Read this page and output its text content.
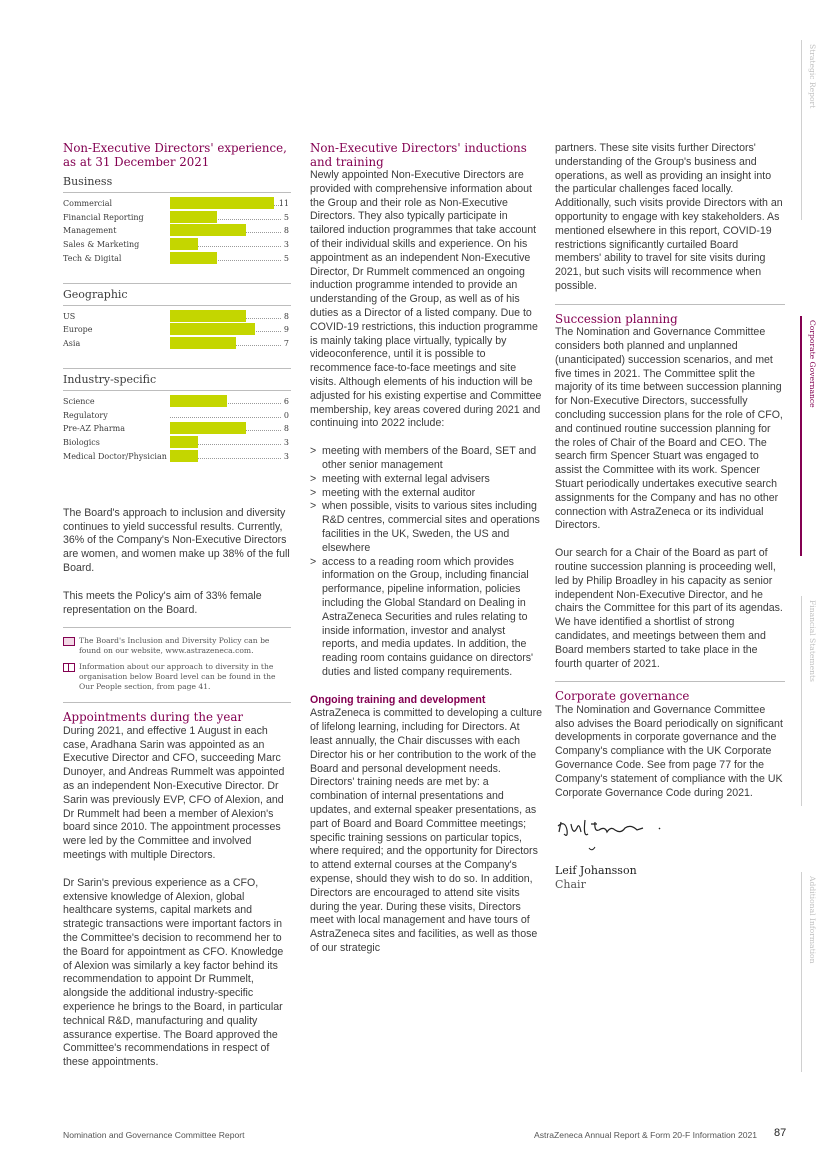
Non-Executive Directors' experience,
as at 31 December 2021
Business
Commercial	11
Financial Reporting	5
Management	8
Sales & Marketing	3
Tech & Digital	5
Geographic
US	8
Europe	9
Asia	7
Industry-specific
Science	6
Regulatory	0
Pre-AZ Pharma	8
Biologics	3
Medical Doctor/Physician	3

The Board's approach to inclusion and diversity continues to yield successful results. Currently, 36% of the Company's Non-Executive Directors are women, and women make up 38% of the full Board.

This meets the Policy's aim of 33% female representation on the Board.

The Board's Inclusion and Diversity Policy can be found on our website, www.astrazeneca.com.
Information about our approach to diversity in the organisation below Board level can be found in the Our People section, from page 41.
Appointments during the year

During 2021, and effective 1 August in each case, Aradhana Sarin was appointed as an Executive Director and CFO, succeeding Marc Dunoyer, and Andreas Rummelt was appointed as an independent Non-Executive Director. Dr Sarin was previously EVP, CFO of Alexion, and Dr Rummelt had been a member of Alexion's board since 2010. The appointment processes were led by the Committee and involved meetings with multiple Directors.

Dr Sarin's previous experience as a CFO, extensive knowledge of Alexion, global healthcare systems, capital markets and strategic transactions were important factors in the Committee's decision to recommend her to the Board for appointment as CFO. Knowledge of Alexion was similarly a key factor behind its recommendation to appoint Dr Rummelt, alongside the additional industry-specific experience he brings to the Board, in particular technical R&D, manufacturing and quality assurance expertise. The Board approved the Committee's recommendations in respect of these appointments.

Non-Executive Directors' inductions
and training

Newly appointed Non-Executive Directors are provided with comprehensive information about the Group and their role as Non-Executive Directors. They also typically participate in tailored induction programmes that take account of their individual skills and experience. On his appointment as an independent Non-Executive Director, Dr Rummelt commenced an ongoing induction programme intended to provide an understanding of the Group, as well as of his duties as a Director of a listed company. Due to COVID-19 restrictions, this induction programme is mainly taking place virtually, typically by videoconference, until it is possible to recommence face-to-face meetings and site visits. Although elements of his induction will be adjusted for his existing expertise and Committee membership, key areas covered during 2021 and continuing into 2022 include:

> meeting with members of the Board, SET and other senior management
> meeting with external legal advisers
> meeting with the external auditor
> when possible, visits to various sites including R&D centres, commercial sites and operations facilities in the UK, Sweden, the US and elsewhere
> access to a reading room which provides information on the Group, including financial performance, pipeline information, policies including the Global Standard on Dealing in AstraZeneca Securities and rules relating to inside information, investor and analyst reports, and media updates. In addition, the reading room contains guidance on directors' duties and listed company requirements.
Ongoing training and development

AstraZeneca is committed to developing a culture of lifelong learning, including for Directors. At least annually, the Chair discusses with each Director his or her contribution to the work of the Board and personal development needs. Directors' training needs are met by: a combination of internal presentations and updates, and external speaker presentations, as part of Board and Board Committee meetings; specific training sessions on particular topics, where required; and the opportunity for Directors to attend external courses at the Company's expense, should they wish to do so. In addition, Directors are encouraged to attend site visits during the year. During these visits, Directors meet with local management and have tours of AstraZeneca sites and facilities, as well as those of our strategic

partners. These site visits further Directors' understanding of the Group's business and operations, as well as providing an insight into the particular challenges faced locally. Additionally, such visits provide Directors with an opportunity to engage with key stakeholders. As mentioned elsewhere in this report, COVID-19 restrictions significantly curtailed Board members' ability to travel for site visits during 2021, but such visits will recommence when possible.

Succession planning

The Nomination and Governance Committee considers both planned and unplanned (unanticipated) succession scenarios, and met five times in 2021. The Committee split the majority of its time between succession planning for Non-Executive Directors, successfully concluding succession plans for the role of CFO, and continued routine succession planning for the roles of Chair of the Board and CEO. The search firm Spencer Stuart was engaged to assist the Committee with its work. Spencer Stuart periodically undertakes executive search assignments for the Company and has no other connection with AstraZeneca or its individual Directors.

Our search for a Chair of the Board as part of routine succession planning is proceeding well, led by Philip Broadley in his capacity as senior independent Non-Executive Director, and he chairs the Committee for this part of its agendas. We have identified a shortlist of strong candidates, and meetings between them and Board members started to take place in the fourth quarter of 2021.

Corporate governance

The Nomination and Governance Committee also advises the Board periodically on significant developments in corporate governance and the Company's compliance with the UK Corporate Governance Code. See from page 77 for the Company's statement of compliance with the UK Corporate Governance Code during 2021.

Leif Johansson
Chair
Strategic Report
Corporate Governance
Financial Statements
Additional Information
Nomination and Governance Committee Report	AstraZeneca Annual Report & Form 20-F Information 2021 87
